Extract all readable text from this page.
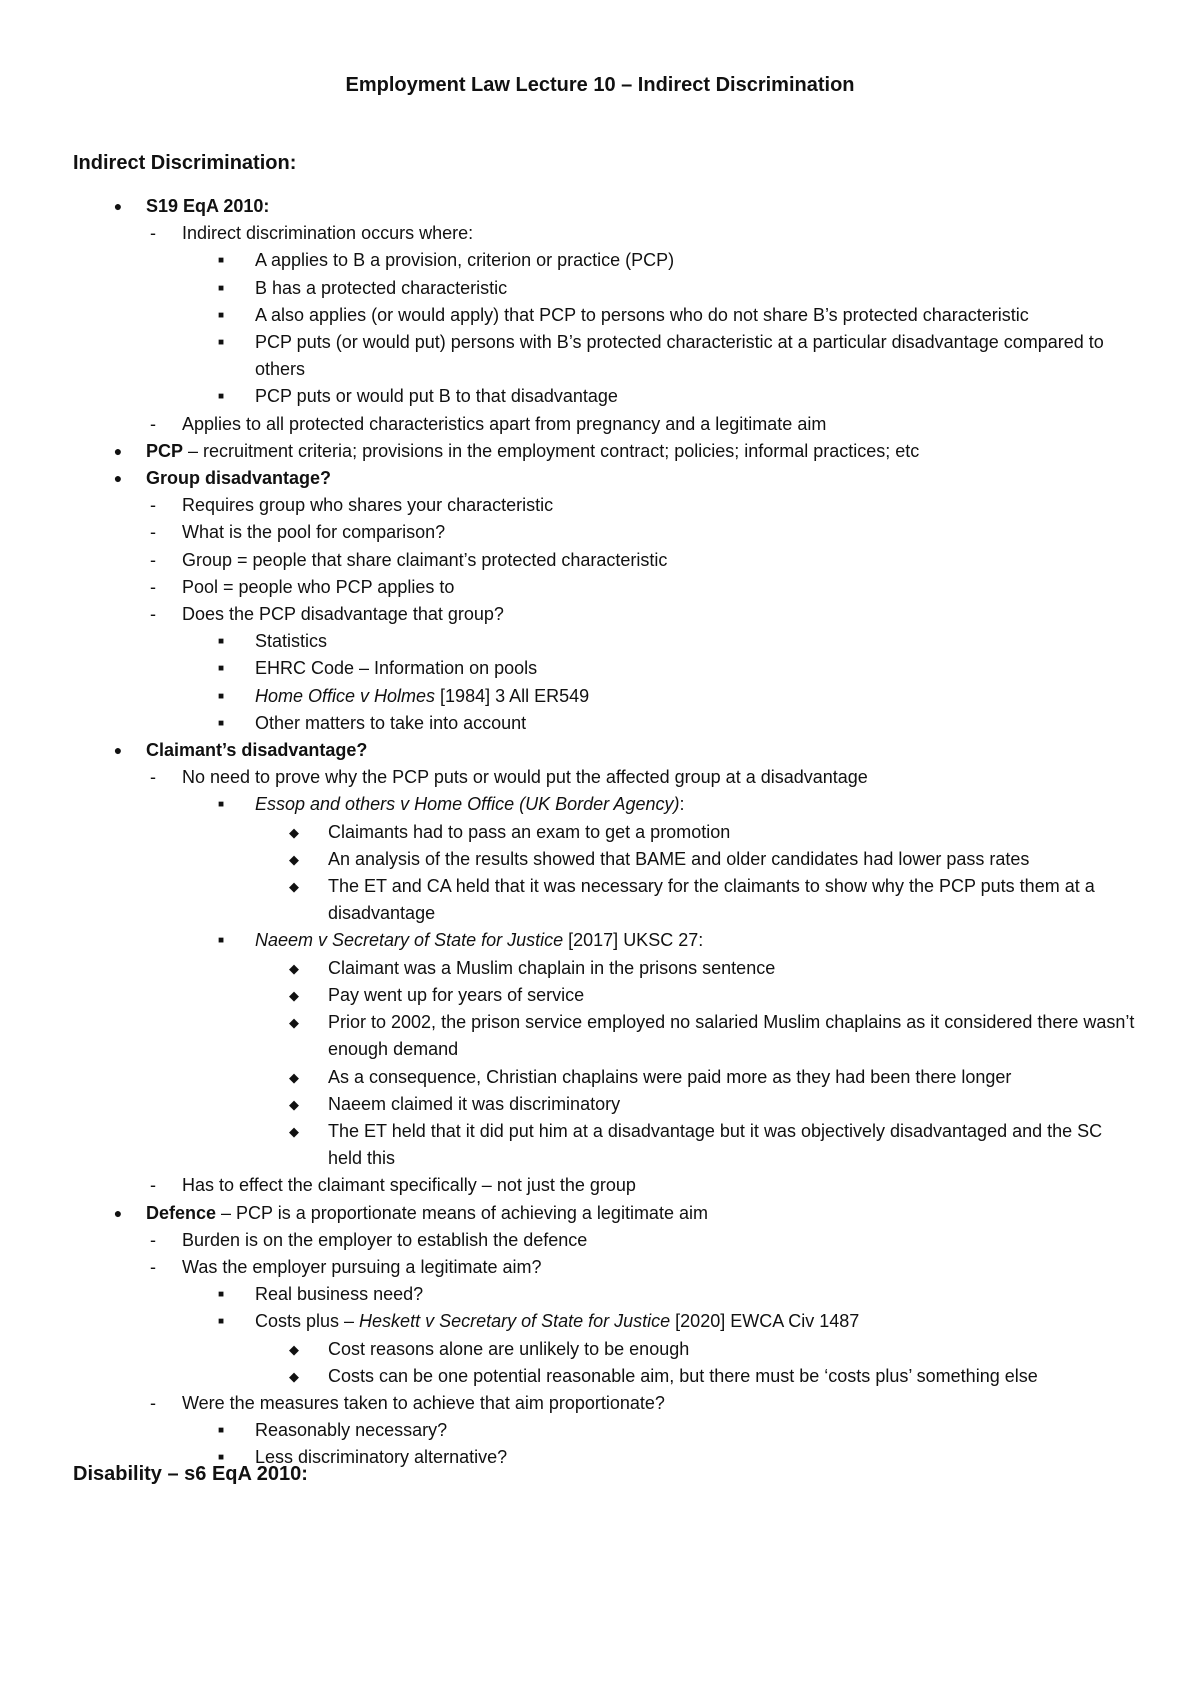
Employment Law Lecture 10 – Indirect Discrimination
Indirect Discrimination:
●	S19 EqA 2010:
- Indirect discrimination occurs where:
■ A applies to B a provision, criterion or practice (PCP)
■ B has a protected characteristic
■ A also applies (or would apply) that PCP to persons who do not share B’s protected characteristic
■ PCP puts (or would put) persons with B’s protected characteristic at a particular disadvantage compared to others
■ PCP puts or would put B to that disadvantage
- Applies to all protected characteristics apart from pregnancy and a legitimate aim
●	PCP – recruitment criteria; provisions in the employment contract; policies; informal practices; etc
●	Group disadvantage?
- Requires group who shares your characteristic
- What is the pool for comparison?
- Group = people that share claimant’s protected characteristic
- Pool = people who PCP applies to
- Does the PCP disadvantage that group?
■ Statistics
■ EHRC Code – Information on pools
■ Home Office v Holmes [1984] 3 All ER549
■ Other matters to take into account
●	Claimant’s disadvantage?
- No need to prove why the PCP puts or would put the affected group at a disadvantage
■ Essop and others v Home Office (UK Border Agency):
◆ Claimants had to pass an exam to get a promotion
◆ An analysis of the results showed that BAME and older candidates had lower pass rates
◆ The ET and CA held that it was necessary for the claimants to show why the PCP puts them at a disadvantage
■ Naeem v Secretary of State for Justice [2017] UKSC 27:
◆ Claimant was a Muslim chaplain in the prisons sentence
◆ Pay went up for years of service
◆ Prior to 2002, the prison service employed no salaried Muslim chaplains as it considered there wasn’t enough demand
◆ As a consequence, Christian chaplains were paid more as they had been there longer
◆ Naeem claimed it was discriminatory
◆ The ET held that it did put him at a disadvantage but it was objectively disadvantaged and the SC held this
- Has to effect the claimant specifically – not just the group
●	Defence – PCP is a proportionate means of achieving a legitimate aim
- Burden is on the employer to establish the defence
- Was the employer pursuing a legitimate aim?
■ Real business need?
■ Costs plus – Heskett v Secretary of State for Justice [2020] EWCA Civ 1487
◆ Cost reasons alone are unlikely to be enough
◆ Costs can be one potential reasonable aim, but there must be ‘costs plus’ something else
- Were the measures taken to achieve that aim proportionate?
■ Reasonably necessary?
■ Less discriminatory alternative?
Disability – s6 EqA 2010:
